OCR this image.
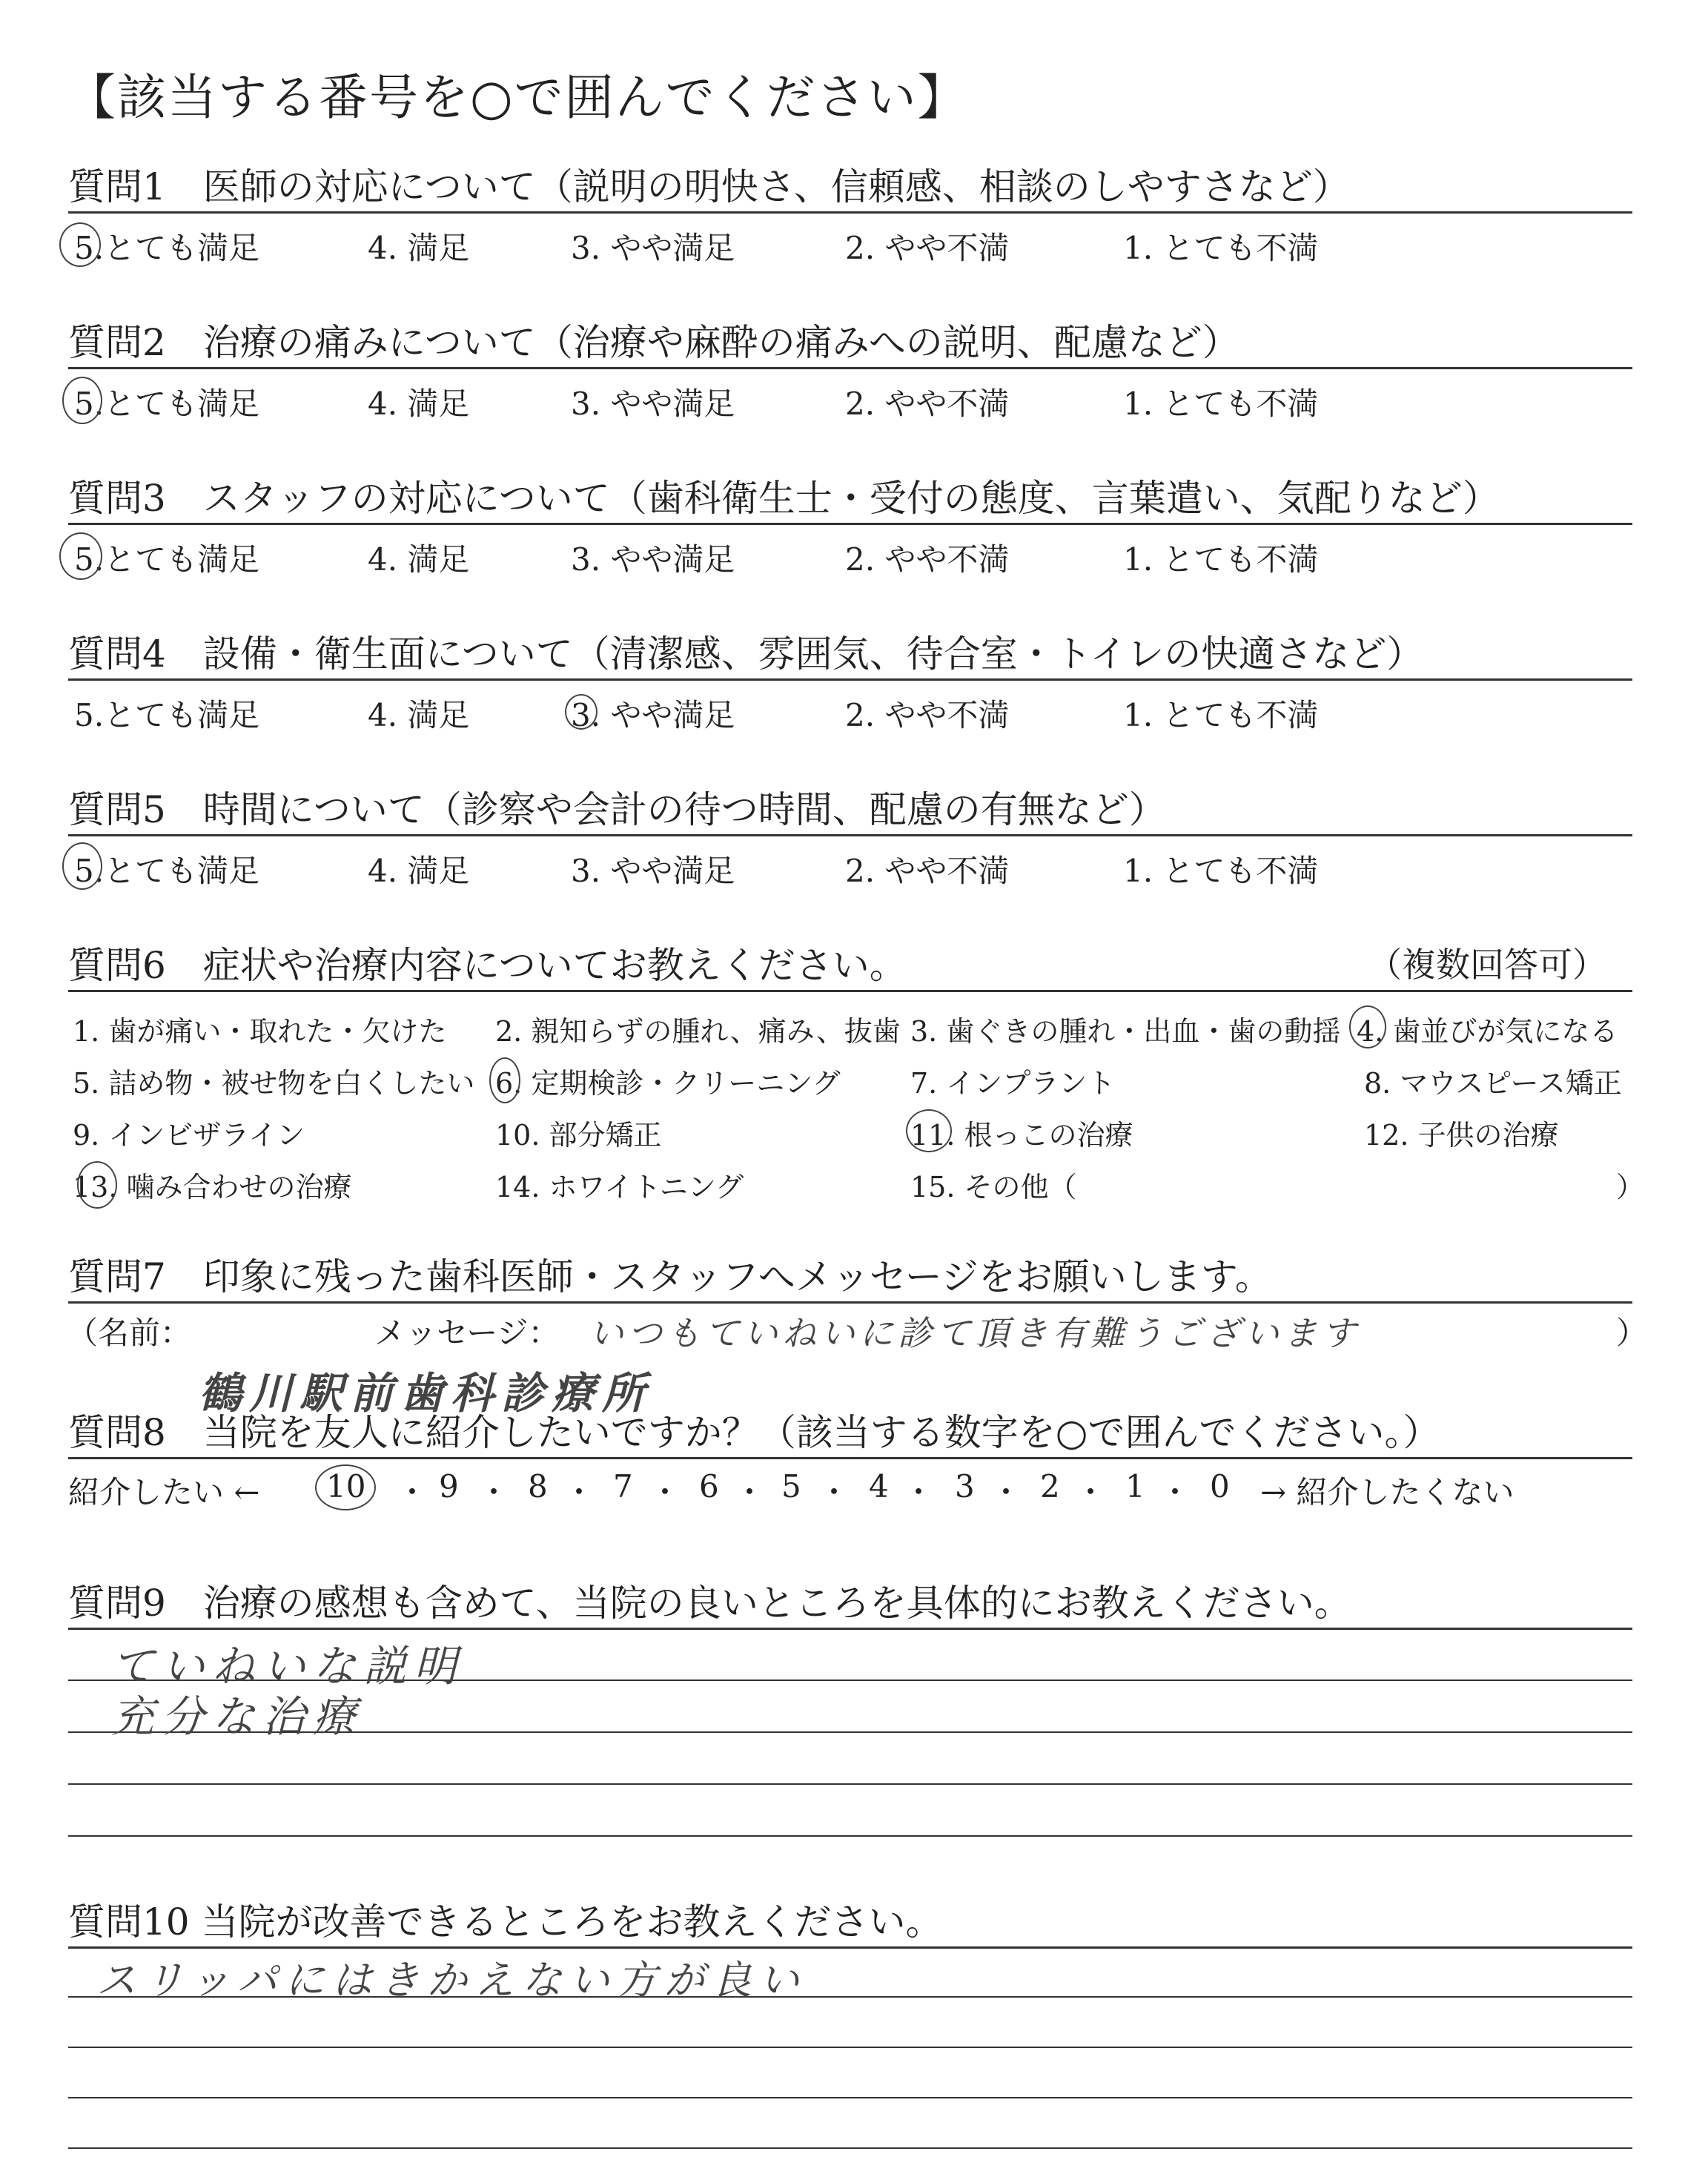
【該当する番号を○で囲んでください】
質問1　医師の対応について（説明の明快さ、信頼感、相談のしやすさなど）
5.とても満足	4. 満足	3. やや満足	2. やや不満	1. とても不満
質問2　治療の痛みについて（治療や麻酔の痛みへの説明、配慮など）
5.とても満足	4. 満足	3. やや満足	2. やや不満	1. とても不満
質問3　スタッフの対応について（歯科衛生士・受付の態度、言葉遣い、気配りなど）
5.とても満足	4. 満足	3. やや満足	2. やや不満	1. とても不満
質問4　設備・衛生面について（清潔感、雰囲気、待合室・トイレの快適さなど）
5.とても満足	4. 満足	3. やや満足	2. やや不満	1. とても不満
質問5　時間について（診察や会計の待つ時間、配慮の有無など）
5.とても満足	4. 満足	3. やや満足	2. やや不満	1. とても不満
質問6　症状や治療内容についてお教えください。	（複数回答可）
1. 歯が痛い・取れた・欠けた 2. 親知らずの腫れ、痛み、抜歯 3. 歯ぐきの腫れ・出血・歯の動揺 4. 歯並びが気になる
5. 詰め物・被せ物を白くしたい 6. 定期検診・クリーニング 7. インプラント	8. マウスピース矯正
9. インビザライン	10. 部分矯正	11. 根っこの治療	12. 子供の治療
13. 噛み合わせの治療	14. ホワイトニング	15. その他（	）
質問7　印象に残った歯科医師・スタッフへメッセージをお願いします。
（名前：	メッセージ： いつもていねいに診て頂き有難うございます	）
鶴川駅前歯科診療所
質問8　当院を友人に紹介したいですか？（該当する数字を○で囲んでください。）
紹介したい ← 10 ・ 9 ・ 8 ・ 7 ・ 6 ・ 5 ・ 4 ・ 3 ・ 2 ・ 1 ・ 0 → 紹介したくない
質問9　治療の感想も含めて、当院の良いところを具体的にお教えください。
ていねいな説明
充分な治療
質問10 当院が改善できるところをお教えください。
スリッパにはきかえない方が良い
